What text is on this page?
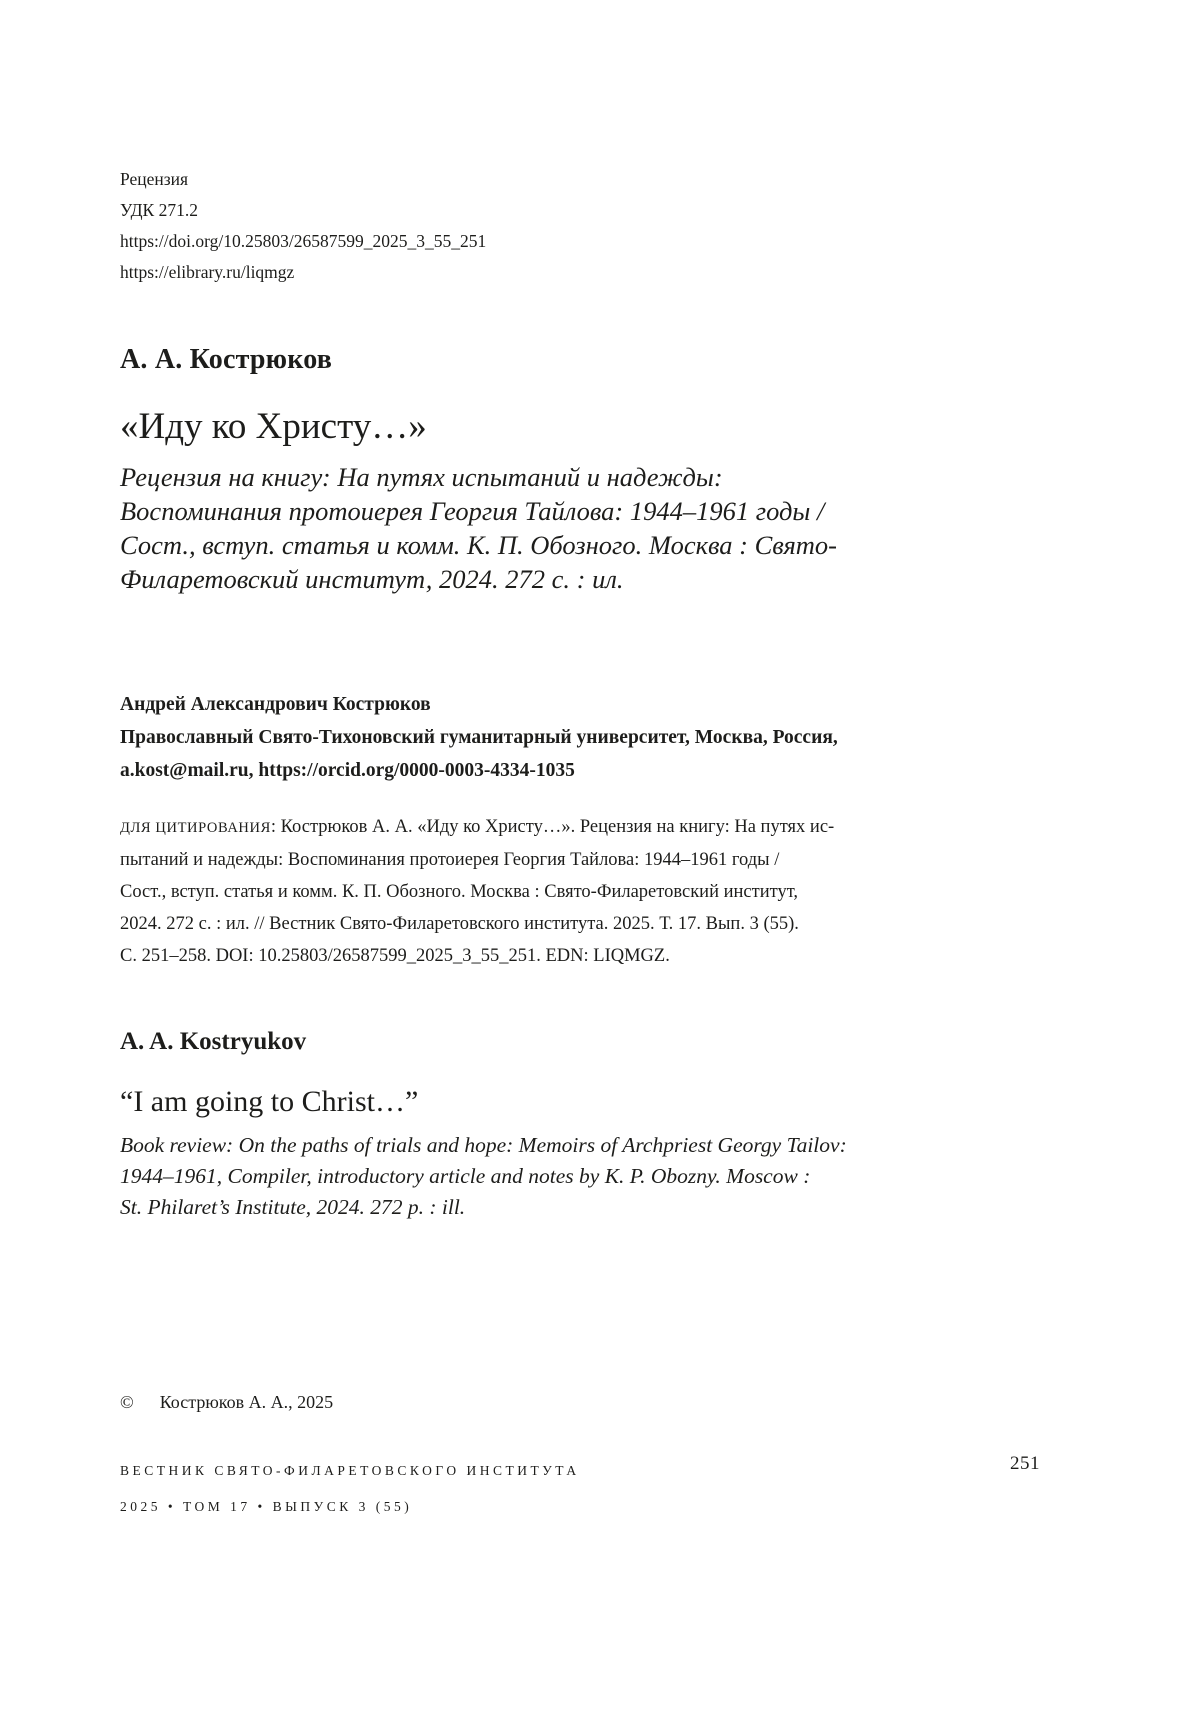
Рецензия
УДК 271.2
https://doi.org/10.25803/26587599_2025_3_55_251
https://elibrary.ru/liqmgz
А. А. Кострюков
«Иду ко Христу…»
Рецензия на книгу: На путях испытаний и надежды:
Воспоминания протоиерея Георгия Тайлова: 1944–1961 годы /
Сост., вступ. статья и комм. К. П. Обозного. Москва : Свято-
Филаретовский институт, 2024. 272 с. : ил.
Андрей Александрович Кострюков
Православный Свято-Тихоновский гуманитарный университет, Москва, Россия,
a.kost@mail.ru, https://orcid.org/0000-0003-4334-1035
ДЛЯ ЦИТИРОВАНИЯ: Кострюков А. А. «Иду ко Христу…». Рецензия на книгу: На путях ис-
пытаний и надежды: Воспоминания протоиерея Георгия Тайлова: 1944–1961 годы /
Сост., вступ. статья и комм. К. П. Обозного. Москва : Свято-Филаретовский институт,
2024. 272 с. : ил. // Вестник Свято-Филаретовского института. 2025. Т. 17. Вып. 3 (55).
С. 251–258. DOI: 10.25803/26587599_2025_3_55_251. EDN: LIQMGZ.
A. A. Kostryukov
“I am going to Christ…”
Book review: On the paths of trials and hope: Memoirs of Archpriest Georgy Tailov:
1944–1961, Compiler, introductory article and notes by K. P. Obozny. Moscow :
St. Philaret’s Institute, 2024. 272 p. : ill.
© Кострюков А. А., 2025
ВЕСТНИК СВЯТО-ФИЛАРЕТОВСКОГО ИНСТИТУТА
2025 • ТОМ 17 • ВЫПУСК 3 (55)
251
